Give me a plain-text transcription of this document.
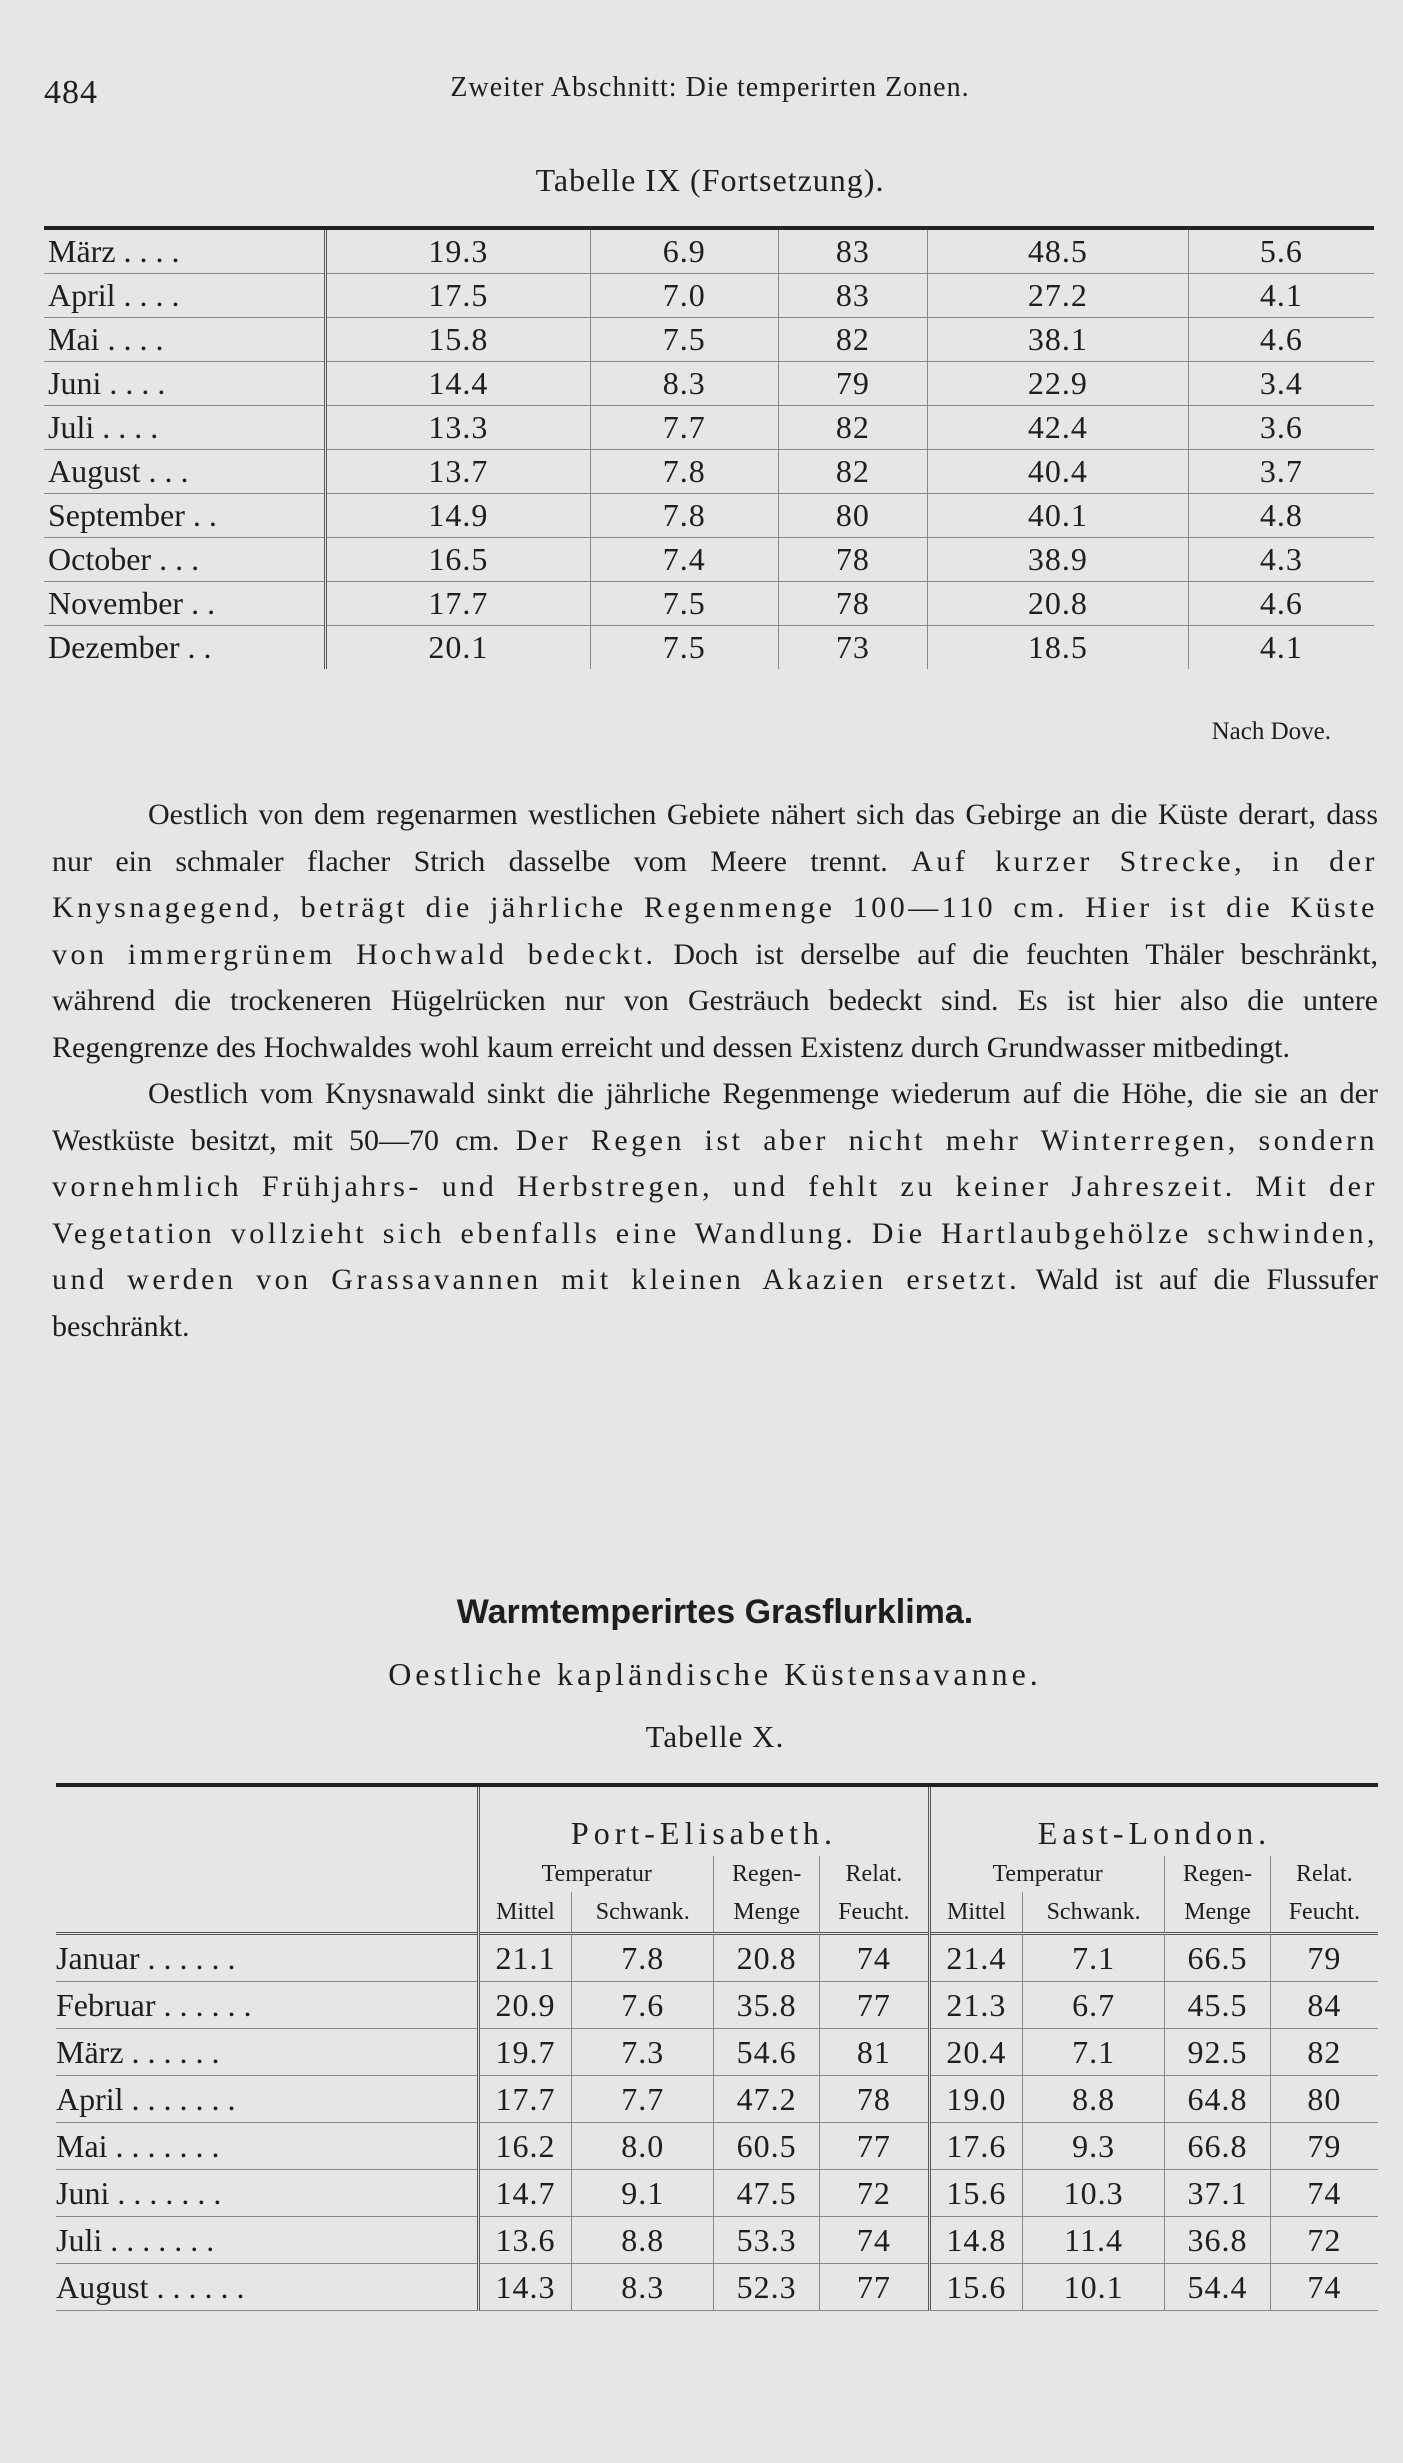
484	Zweiter Abschnitt: Die temperirten Zonen.
Tabelle IX (Fortsetzung).
März . . . .	19.3	6.9	83	48.5	5.6
April . . . .	17.5	7.0	83	27.2	4.1
Mai . . . .	15.8	7.5	82	38.1	4.6
Juni . . . .	14.4	8.3	79	22.9	3.4
Juli . . . .	13.3	7.7	82	42.4	3.6
August . . .	13.7	7.8	82	40.4	3.7
September . .	14.9	7.8	80	40.1	4.8
October . . .	16.5	7.4	78	38.9	4.3
November . .	17.7	7.5	78	20.8	4.6
Dezember . .	20.1	7.5	73	18.5	4.1
Nach Dove.

Oestlich von dem regenarmen westlichen Gebiete nähert sich das Gebirge an die Küste derart, dass nur ein schmaler flacher Strich dasselbe vom Meere trennt. Auf kurzer Strecke, in der Knysnagegend, beträgt die jährliche Regenmenge 100—110 cm. Hier ist die Küste von immergrünem Hochwald bedeckt. Doch ist derselbe auf die feuchten Thäler beschränkt, während die trockeneren Hügelrücken nur von Gesträuch bedeckt sind. Es ist hier also die untere Regengrenze des Hochwaldes wohl kaum erreicht und dessen Existenz durch Grundwasser mitbedingt.

Oestlich vom Knysnawald sinkt die jährliche Regenmenge wiederum auf die Höhe, die sie an der Westküste besitzt, mit 50—70 cm. Der Regen ist aber nicht mehr Winterregen, sondern vornehmlich Frühjahrs- und Herbstregen, und fehlt zu keiner Jahreszeit. Mit der Vegetation vollzieht sich ebenfalls eine Wandlung. Die Hartlaubgehölze schwinden, und werden von Grassavannen mit kleinen Akazien ersetzt. Wald ist auf die Flussufer beschränkt.

Warmtemperirtes Grasflurklima.
Oestliche kapländische Küstensavanne.
Tabelle X.
	Port-Elisabeth.				East-London.			
	Temperatur		Regen-	Relat.	Temperatur		Regen-	Relat.
	Mittel	Schwank.	Menge	Feucht.	Mittel	Schwank.	Menge	Feucht.
Januar . . . . . .	21.1	7.8	20.8	74	21.4	7.1	66.5	79
Februar . . . . . .	20.9	7.6	35.8	77	21.3	6.7	45.5	84
März . . . . . .	19.7	7.3	54.6	81	20.4	7.1	92.5	82
April . . . . . . .	17.7	7.7	47.2	78	19.0	8.8	64.8	80
Mai . . . . . . .	16.2	8.0	60.5	77	17.6	9.3	66.8	79
Juni . . . . . . .	14.7	9.1	47.5	72	15.6	10.3	37.1	74
Juli . . . . . . .	13.6	8.8	53.3	74	14.8	11.4	36.8	72
August . . . . . .	14.3	8.3	52.3	77	15.6	10.1	54.4	74
